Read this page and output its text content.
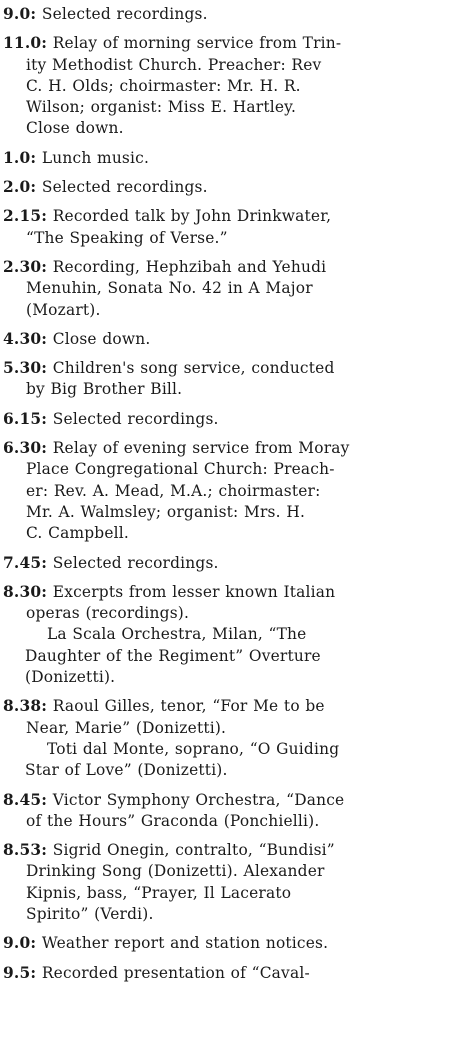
9.0: Selected recordings.
11.0: Relay of morning service from Trin-
ity Methodist Church. Preacher: Rev
C. H. Olds; choirmaster: Mr. H. R.
Wilson; organist: Miss E. Hartley.
Close down.
1.0: Lunch music.
2.0: Selected recordings.
2.15: Recorded talk by John Drinkwater,
“The Speaking of Verse.”
2.30: Recording, Hephzibah and Yehudi
Menuhin, Sonata No. 42 in A Major
(Mozart).
4.30: Close down.
5.30: Children's song service, conducted
by Big Brother Bill.
6.15: Selected recordings.
6.30: Relay of evening service from Moray
Place Congregational Church: Preach-
er: Rev. A. Mead, M.A.; choirmaster:
Mr. A. Walmsley; organist: Mrs. H.
C. Campbell.
7.45: Selected recordings.
8.30: Excerpts from lesser known Italian
operas (recordings).
La Scala Orchestra, Milan, “The
Daughter of the Regiment” Overture
(Donizetti).
8.38: Raoul Gilles, tenor, “For Me to be
Near, Marie” (Donizetti).
Toti dal Monte, soprano, “O Guiding
Star of Love” (Donizetti).
8.45: Victor Symphony Orchestra, “Dance
of the Hours” Graconda (Ponchielli).
8.53: Sigrid Onegin, contralto, “Bundisi”
Drinking Song (Donizetti). Alexander
Kipnis, bass, “Prayer, Il Lacerato
Spirito” (Verdi).
9.0: Weather report and station notices.
9.5: Recorded presentation of “Caval-
